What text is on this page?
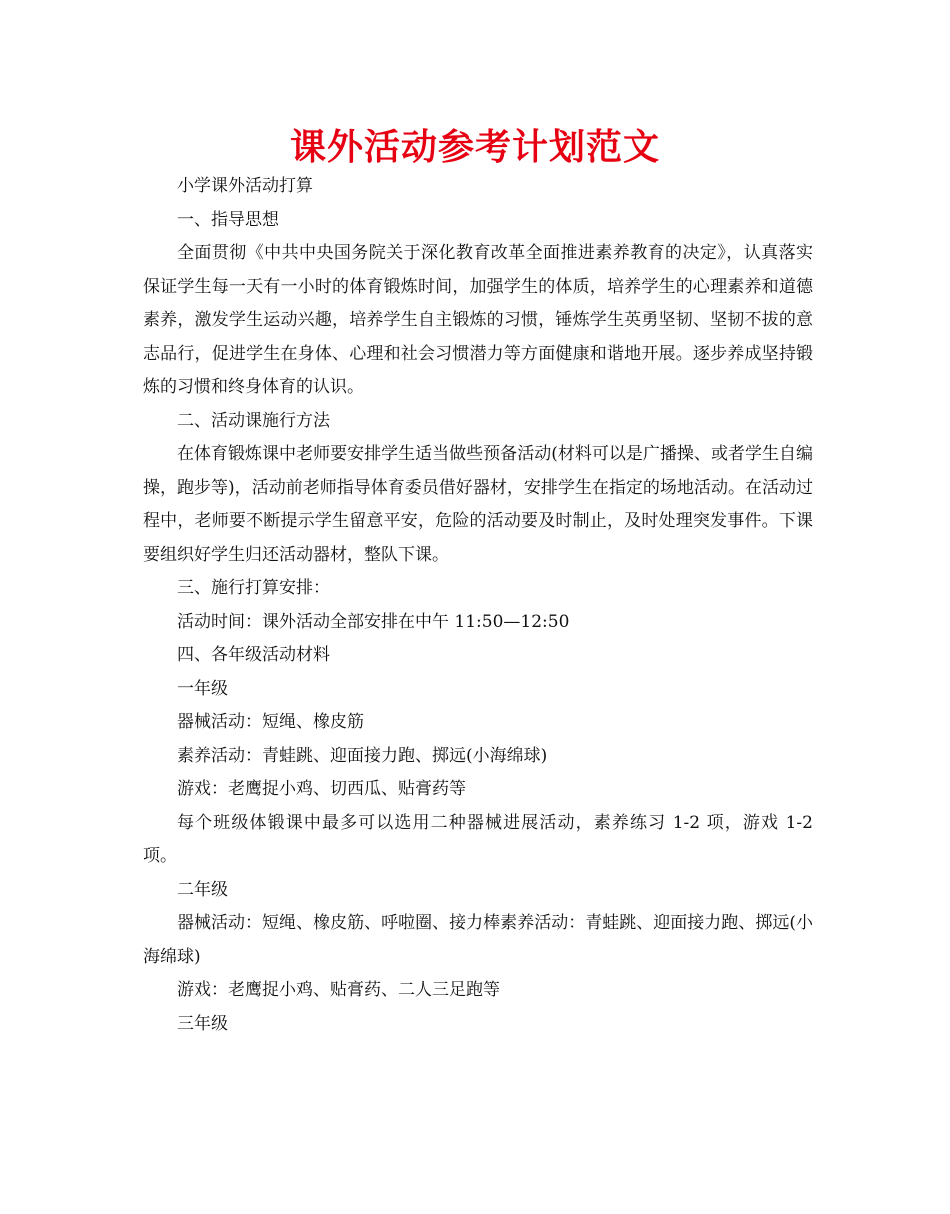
课外活动参考计划范文

小学课外活动打算

一、指导思想

全面贯彻《中共中央国务院关于深化教育改革全面推进素养教育的决定》，认真落实保证学生每一天有一小时的体育锻炼时间，加强学生的体质，培养学生的心理素养和道德素养，激发学生运动兴趣，培养学生自主锻炼的习惯，锤炼学生英勇坚韧、坚韧不拔的意志品行，促进学生在身体、心理和社会习惯潜力等方面健康和谐地开展。逐步养成坚持锻炼的习惯和终身体育的认识。

二、活动课施行方法

在体育锻炼课中老师要安排学生适当做些预备活动(材料可以是广播操、或者学生自编操，跑步等)，活动前老师指导体育委员借好器材，安排学生在指定的场地活动。在活动过程中，老师要不断提示学生留意平安，危险的活动要及时制止，及时处理突发事件。下课要组织好学生归还活动器材，整队下课。

三、施行打算安排：

活动时间：课外活动全部安排在中午 11:50—12:50

四、各年级活动材料

一年级

器械活动：短绳、橡皮筋

素养活动：青蛙跳、迎面接力跑、掷远(小海绵球)

游戏：老鹰捉小鸡、切西瓜、贴膏药等

每个班级体锻课中最多可以选用二种器械进展活动，素养练习 1-2 项，游戏 1-2 项。

二年级

器械活动：短绳、橡皮筋、呼啦圈、接力棒素养活动：青蛙跳、迎面接力跑、掷远(小海绵球)

游戏：老鹰捉小鸡、贴膏药、二人三足跑等

三年级
